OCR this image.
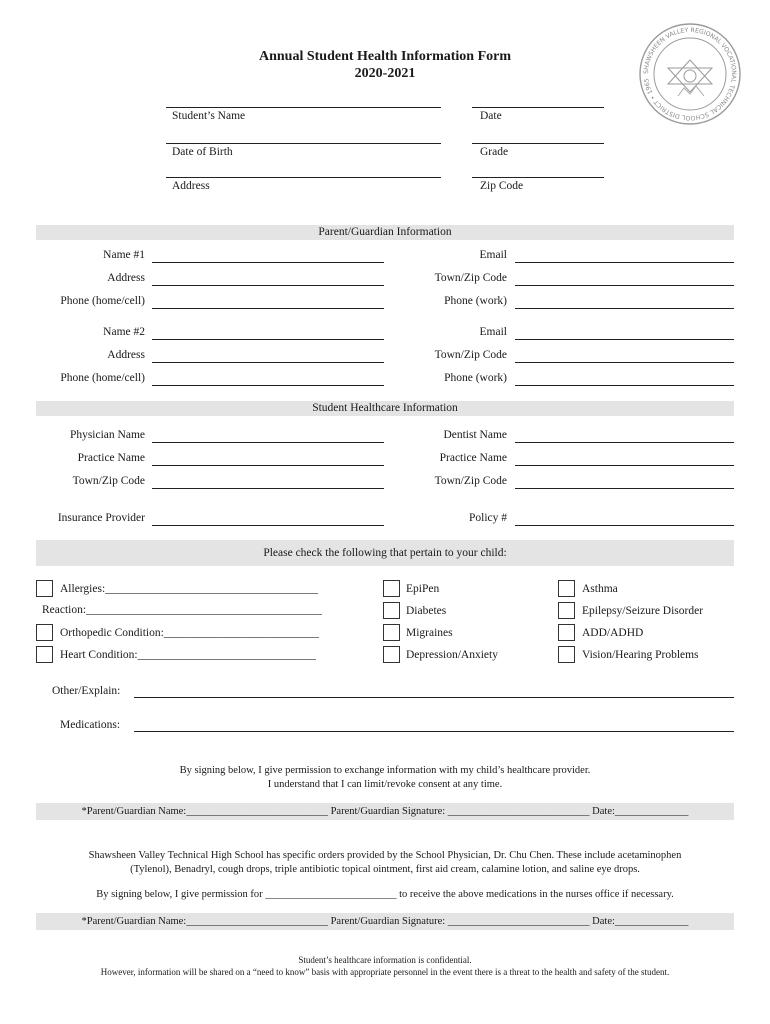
Annual Student Health Information Form
2020-2021	SHAWSHEEN VALLEY REGIONAL VOCATIONAL TECHNICAL SCHOOL DISTRICT • 1965
Student’s Name	Date
Date of Birth	Grade
Address	Zip Code
Parent/Guardian Information
Name #1	Email
Address	Town/Zip Code
Phone (home/cell)	Phone (work)
Name #2	Email
Address	Town/Zip Code
Phone (home/cell)	Phone (work)
Student Healthcare Information
Physician Name	Dentist Name
Practice Name	Practice Name
Town/Zip Code	Town/Zip Code
Insurance Provider	Policy #
Please check the following that pertain to your child:
Allergies:_____________________________________
Reaction:_________________________________________
Orthopedic Condition:___________________________
Heart Condition:_______________________________
EpiPen
Diabetes
Migraines
Depression/Anxiety
Asthma
Epilepsy/Seizure Disorder
ADD/ADHD
Vision/Hearing Problems
Other/Explain:
Medications:
By signing below, I give permission to exchange information with my child’s healthcare provider.
I understand that I can limit/revoke consent at any time.
*Parent/Guardian Name:___________________________ Parent/Guardian Signature: ___________________________ Date:______________
Shawsheen Valley Technical High School has specific orders provided by the School Physician, Dr. Chu Chen. These include acetaminophen
(Tylenol), Benadryl, cough drops, triple antibiotic topical ointment, first aid cream, calamine lotion, and saline eye drops.
By signing below, I give permission for _________________________ to receive the above medications in the nurses office if necessary.
*Parent/Guardian Name:___________________________ Parent/Guardian Signature: ___________________________ Date:______________
Student’s healthcare information is confidential.
However, information will be shared on a “need to know” basis with appropriate personnel in the event there is a threat to the health and safety of the student.
